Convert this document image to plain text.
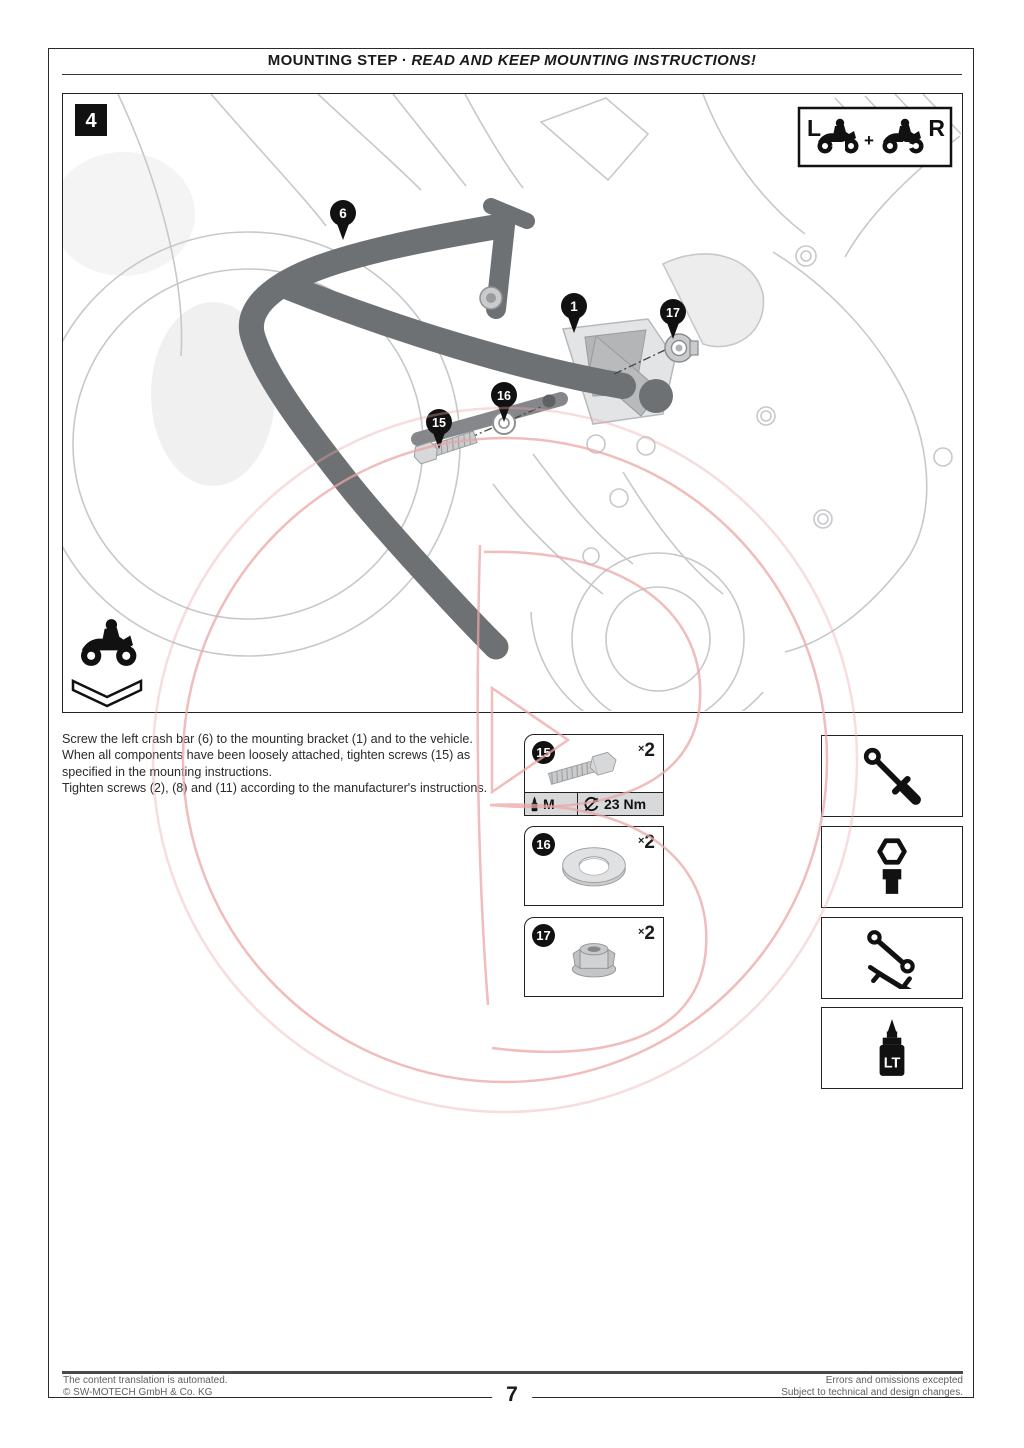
MOUNTING STEP · READ AND KEEP MOUNTING INSTRUCTIONS!
6
1	17
16
15
4	L	+ R
Screw the left crash bar (6) to the mounting bracket (1) and to the vehicle.
When all components have been loosely attached, tighten screws (15) as
specified in the mounting instructions.
Tighten screws (2), (8) and (11) according to the manufacturer's instructions.
15	×2
M	23 Nm
16	×2
17	×2
LT
The content translation is automated.
© SW-MOTECH GmbH & Co. KG
Errors and omissions excepted
Subject to technical and design changes.
7
